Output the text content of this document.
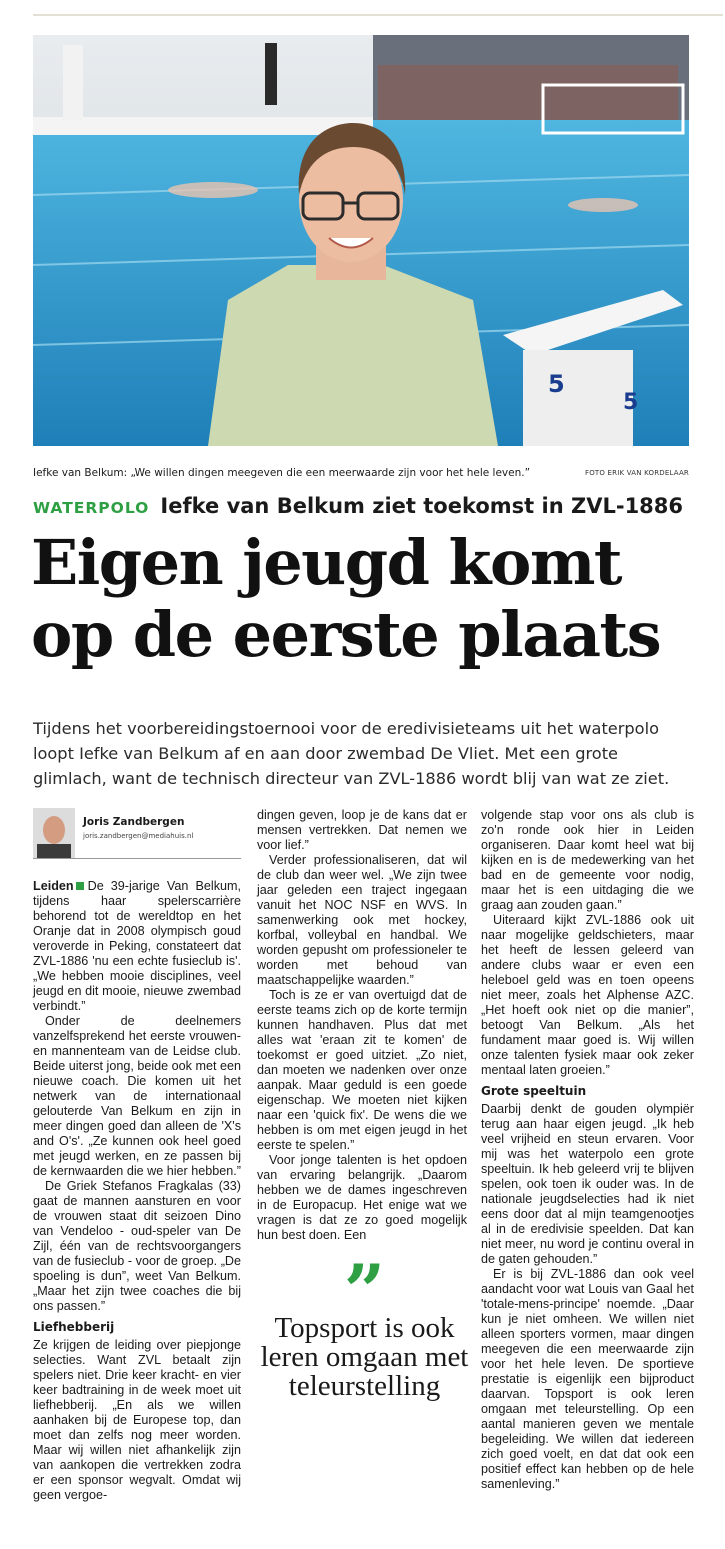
5
5
Iefke van Belkum: „We willen dingen meegeven die een meerwaarde zijn voor het hele leven.”	FOTO ERIK VAN KORDELAAR
WATERPOLO Iefke van Belkum ziet toekomst in ZVL-1886
Eigen jeugd komt
op de eerste plaats
Tijdens het voorbereidingstoernooi voor de eredivisieteams uit het waterpolo loopt Iefke van Belkum af en aan door zwembad De Vliet. Met een grote glimlach, want de technisch directeur van ZVL-1886 wordt blij van wat ze ziet.
Joris Zandbergen
joris.zandbergen@mediahuis.nl

Leiden De 39-jarige Van Belkum, tijdens haar spelerscarrière behorend tot de wereldtop en het Oranje dat in 2008 olympisch goud veroverde in Peking, constateert dat ZVL-1886 'nu een echte fusieclub is'. „We hebben mooie disciplines, veel jeugd en dit mooie, nieuwe zwembad verbindt.”

Onder de deelnemers vanzelfsprekend het eerste vrouwen- en mannenteam van de Leidse club. Beide uiterst jong, beide ook met een nieuwe coach. Die komen uit het netwerk van de internationaal gelouterde Van Belkum en zijn in meer dingen goed dan alleen de 'X's and O's'. „Ze kunnen ook heel goed met jeugd werken, en ze passen bij de kernwaarden die we hier hebben.”

De Griek Stefanos Fragkalas (33) gaat de mannen aansturen en voor de vrouwen staat dit seizoen Dino van Vendeloo - oud-speler van De Zijl, één van de rechtsvoorgangers van de fusieclub - voor de groep. „De spoeling is dun”, weet Van Belkum. „Maar het zijn twee coaches die bij ons passen.”

Liefhebberij

Ze krijgen de leiding over piepjonge selecties. Want ZVL betaalt zijn spelers niet. Drie keer kracht- en vier keer badtraining in de week moet uit liefhebberij. „En als we willen aanhaken bij de Europese top, dan moet dan zelfs nog meer worden. Maar wij willen niet afhankelijk zijn van aankopen die vertrekken zodra er een sponsor wegvalt. Omdat wij geen vergoe-

dingen geven, loop je de kans dat er mensen vertrekken. Dat nemen we voor lief.”

Verder professionaliseren, dat wil de club dan weer wel. „We zijn twee jaar geleden een traject ingegaan vanuit het NOC NSF en WVS. In samenwerking ook met hockey, korfbal, volleybal en handbal. We worden gepusht om professioneler te worden met behoud van maatschappelijke waarden.”

Toch is ze er van overtuigd dat de eerste teams zich op de korte termijn kunnen handhaven. Plus dat met alles wat 'eraan zit te komen' de toekomst er goed uitziet. „Zo niet, dan moeten we nadenken over onze aanpak. Maar geduld is een goede eigenschap. We moeten niet kijken naar een 'quick fix'. De wens die we hebben is om met eigen jeugd in het eerste te spelen.”

Voor jonge talenten is het opdoen van ervaring belangrijk. „Daarom hebben we de dames ingeschreven in de Europacup. Het enige wat we vragen is dat ze zo goed mogelijk hun best doen. Een

”
Topsport is ook leren omgaan met teleurstelling

volgende stap voor ons als club is zo'n ronde ook hier in Leiden organiseren. Daar komt heel wat bij kijken en is de medewerking van het bad en de gemeente voor nodig, maar het is een uitdaging die we graag aan zouden gaan.”

Uiteraard kijkt ZVL-1886 ook uit naar mogelijke geldschieters, maar het heeft de lessen geleerd van andere clubs waar er even een heleboel geld was en toen opeens niet meer, zoals het Alphense AZC. „Het hoeft ook niet op die manier”, betoogt Van Belkum. „Als het fundament maar goed is. Wij willen onze talenten fysiek maar ook zeker mentaal laten groeien.”

Grote speeltuin

Daarbij denkt de gouden olympiër terug aan haar eigen jeugd. „Ik heb veel vrijheid en steun ervaren. Voor mij was het waterpolo een grote speeltuin. Ik heb geleerd vrij te blijven spelen, ook toen ik ouder was. In de nationale jeugdselecties had ik niet eens door dat al mijn teamgenootjes al in de eredivisie speelden. Dat kan niet meer, nu word je continu overal in de gaten gehouden.”

Er is bij ZVL-1886 dan ook veel aandacht voor wat Louis van Gaal het 'totale-mens-principe' noemde. „Daar kun je niet omheen. We willen niet alleen sporters vormen, maar dingen meegeven die een meerwaarde zijn voor het hele leven. De sportieve prestatie is eigenlijk een bijproduct daarvan. Topsport is ook leren omgaan met teleurstelling. Op een aantal manieren geven we mentale begeleiding. We willen dat iedereen zich goed voelt, en dat dat ook een positief effect kan hebben op de hele samenleving.”
